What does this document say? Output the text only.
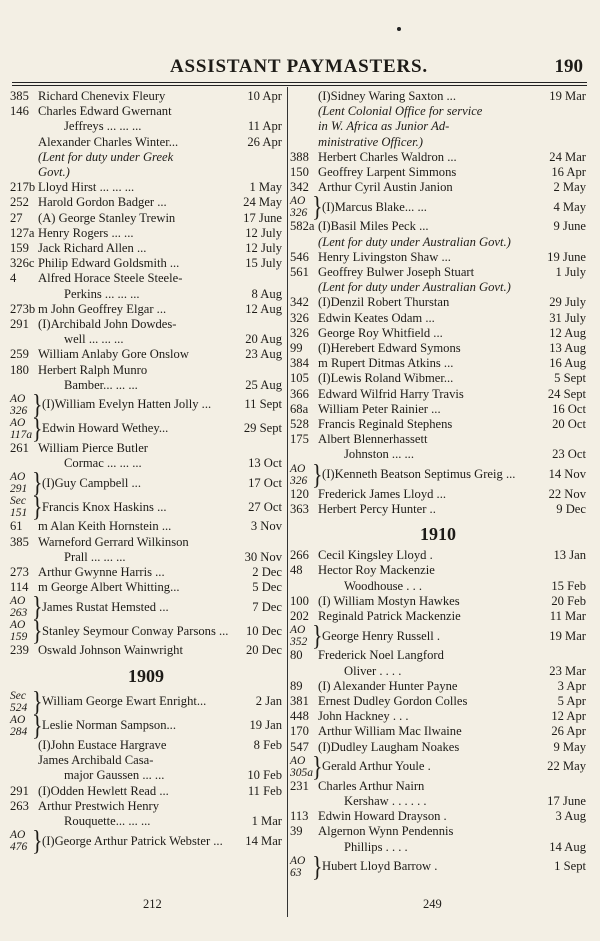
ASSISTANT PAYMASTERS.	190
385 Richard Chenevix Fleury	10 Apr
146 Charles Edward Gwernant
Jeffreys ... ... ...	11 Apr
Alexander Charles Winter...	26 Apr
(Lent for duty under Greek
Govt.)
217b Lloyd Hirst ... ... ...	1 May
252 Harold Gordon Badger ...	24 May
27	(A) George Stanley Trewin	17 June
127a Henry Rogers ... ...	12 July
159 Jack Richard Allen ...	12 July
326c Philip Edward Goldsmith ...	15 July
4	Alfred Horace Steele Steele-
Perkins ... ... ...	8 Aug
273b m John Geoffrey Elgar ...	12 Aug
291 (I)Archibald John Dowdes-
well ... ... ...	20 Aug
259 William Anlaby Gore Onslow	23 Aug
180 Herbert Ralph Munro
Bamber... ... ...	25 Aug
AO
326 } (I)William Evelyn Hatten Jolly ...	11 Sept
AO
117a } Edwin Howard Wethey...	29 Sept
261 William Pierce Butler
Cormac ... ... ...	13 Oct
AO
291 } (I)Guy Campbell ...	17 Oct
Sec
151 } Francis Knox Haskins ...	27 Oct
61	m Alan Keith Hornstein ...	3 Nov
385 Warneford Gerrard Wilkinson
Prall ... ... ...	30 Nov
273 Arthur Gwynne Harris ...	2 Dec
114 m George Albert Whitting...	5 Dec
AO
263 } James Rustat Hemsted ...	7 Dec
AO
159 } Stanley Seymour Conway Parsons ...	10 Dec
239 Oswald Johnson Wainwright	20 Dec
1909
Sec
524 } William George Ewart Enright...	2 Jan
AO
284 } Leslie Norman Sampson...	19 Jan
(I)John Eustace Hargrave	8 Feb
James Archibald Casa-
major Gaussen ... ...	10 Feb
291 (I)Odden Hewlett Read ...	11 Feb
263 Arthur Prestwich Henry
Rouquette... ... ...	1 Mar
AO
476 } (I)George Arthur Patrick Webster ...	14 Mar
(I)Sidney Waring Saxton ...	19 Mar
(Lent Colonial Office for service
in W. Africa as Junior Ad-
ministrative Officer.)
388 Herbert Charles Waldron ...	24 Mar
150 Geoffrey Larpent Simmons	16 Apr
342 Arthur Cyril Austin Janion	2 May
AO
326 } (I)Marcus Blake... ...	4 May
582a (I)Basil Miles Peck ...	9 June
(Lent for duty under Australian Govt.)
546 Henry Livingston Shaw ...	19 June
561 Geoffrey Bulwer Joseph Stuart	1 July
(Lent for duty under Australian Govt.)
342 (I)Denzil Robert Thurstan	29 July
326 Edwin Keates Odam ...	31 July
326 George Roy Whitfield ...	12 Aug
99	(I)Herebert Edward Symons	13 Aug
384 m Rupert Ditmas Atkins ...	16 Aug
105 (I)Lewis Roland Wibmer...	5 Sept
366 Edward Wilfrid Harry Travis	24 Sept
68a William Peter Rainier ...	16 Oct
528 Francis Reginald Stephens	20 Oct
175 Albert Blennerhassett
Johnston ... ...	23 Oct
AO
326 } (I)Kenneth Beatson Septimus Greig ...	14 Nov
120 Frederick James Lloyd ...	22 Nov
363 Herbert Percy Hunter ..	9 Dec
1910
266 Cecil Kingsley Lloyd .	13 Jan
48	Hector Roy Mackenzie
Woodhouse . . .	15 Feb
100 (I) William Mostyn Hawkes	20 Feb
202 Reginald Patrick Mackenzie	11 Mar
AO
352 } George Henry Russell .	19 Mar
80	Frederick Noel Langford
Oliver . . . .	23 Mar
89	(I) Alexander Hunter Payne	3 Apr
381 Ernest Dudley Gordon Colles	5 Apr
448 John Hackney . . .	12 Apr
170 Arthur William Mac Ilwaine	26 Apr
547 (I)Dudley Laugham Noakes	9 May
AO
305a } Gerald Arthur Youle .	22 May
231 Charles Arthur Nairn
Kershaw . . . . . .	17 June
113 Edwin Howard Drayson .	3 Aug
39	Algernon Wynn Pendennis
Phillips . . . .	14 Aug
AO
63 } Hubert Lloyd Barrow .	1 Sept
212	249
